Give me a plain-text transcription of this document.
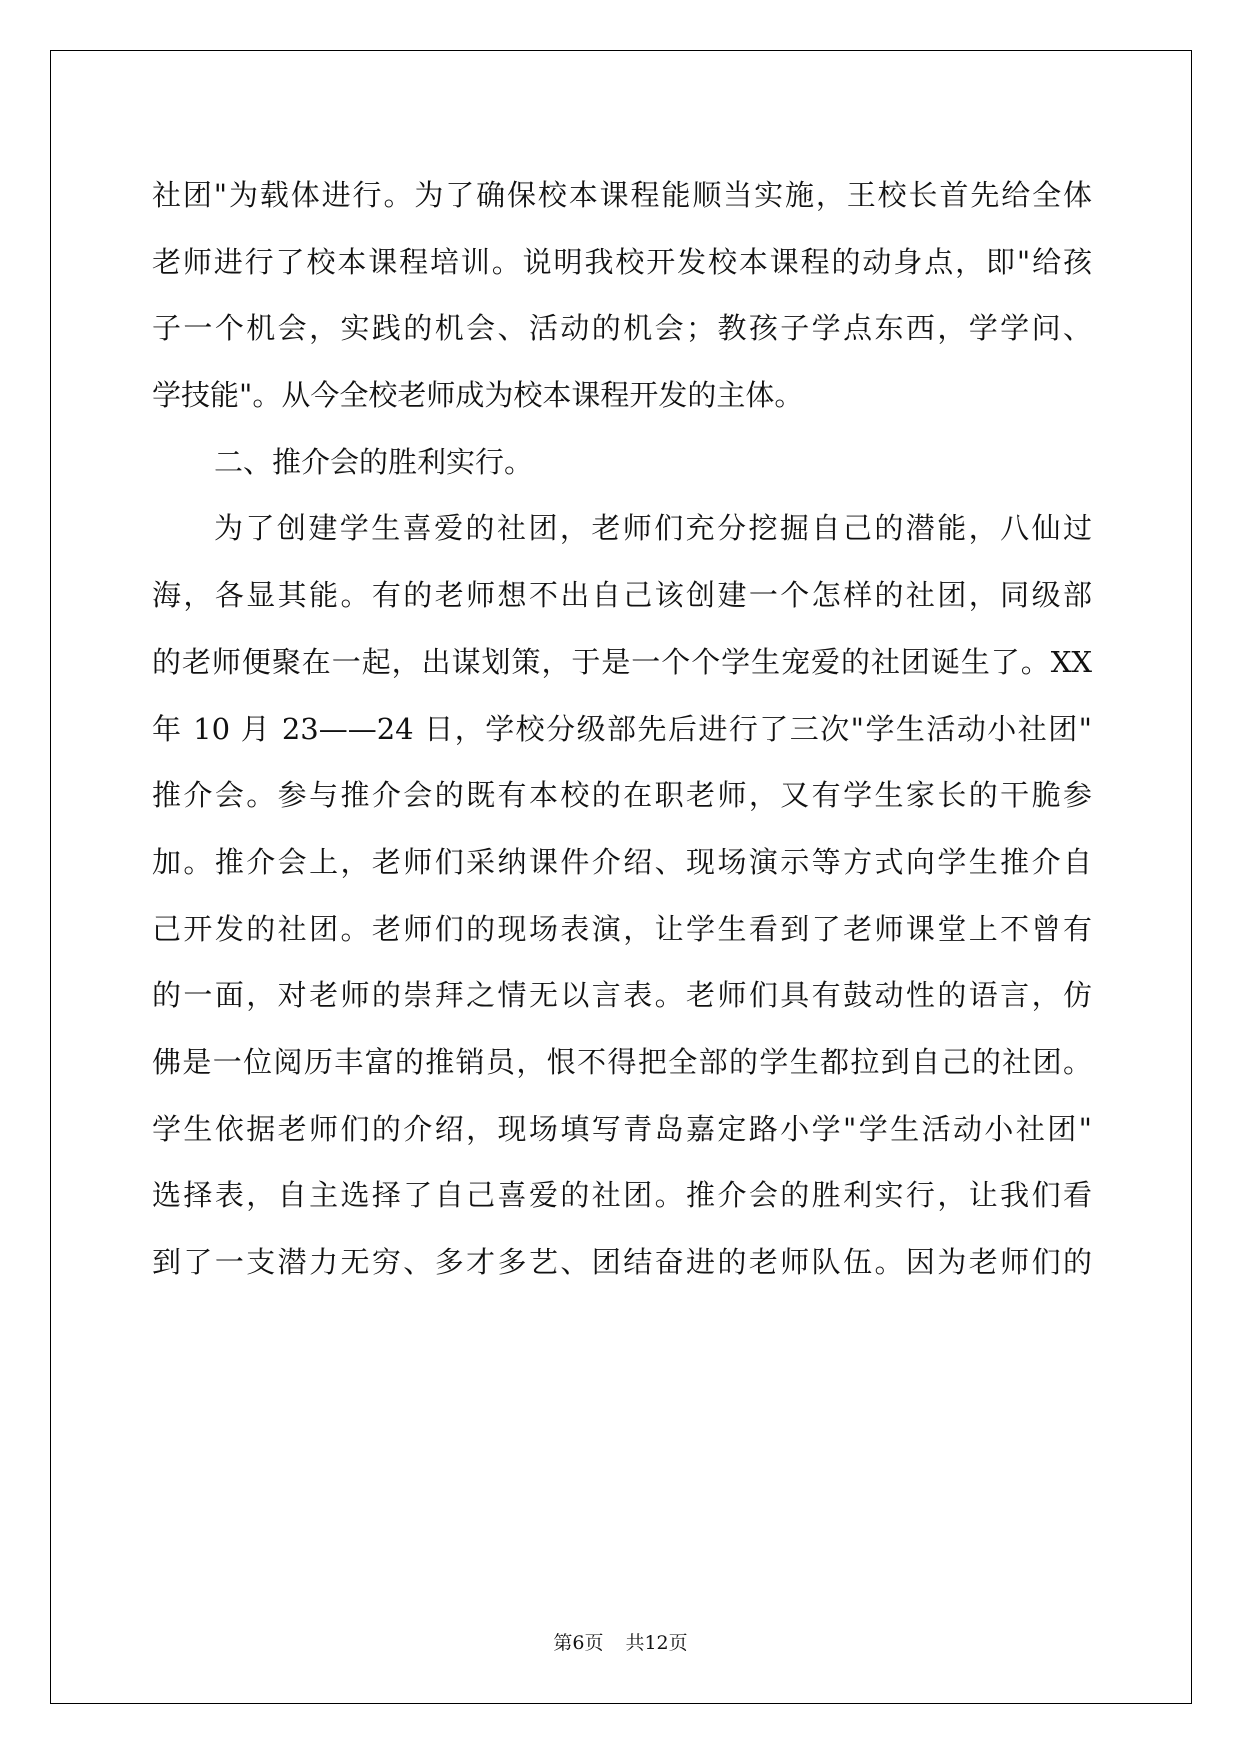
社团"为载体进行。为了确保校本课程能顺当实施，王校长首先给全体
老师进行了校本课程培训。说明我校开发校本课程的动身点，即"给孩
子一个机会，实践的机会、活动的机会；教孩子学点东西，学学问、
学技能"。从今全校老师成为校本课程开发的主体。
二、推介会的胜利实行。
为了创建学生喜爱的社团，老师们充分挖掘自己的潜能，八仙过
海，各显其能。有的老师想不出自己该创建一个怎样的社团，同级部
的老师便聚在一起，出谋划策，于是一个个学生宠爱的社团诞生了。XX
年 10 月 23——24 日，学校分级部先后进行了三次"学生活动小社团"
推介会。参与推介会的既有本校的在职老师，又有学生家长的干脆参
加。推介会上，老师们采纳课件介绍、现场演示等方式向学生推介自
己开发的社团。老师们的现场表演，让学生看到了老师课堂上不曾有
的一面，对老师的崇拜之情无以言表。老师们具有鼓动性的语言，仿
佛是一位阅历丰富的推销员，恨不得把全部的学生都拉到自己的社团。
学生依据老师们的介绍，现场填写青岛嘉定路小学"学生活动小社团"
选择表，自主选择了自己喜爱的社团。推介会的胜利实行，让我们看
到了一支潜力无穷、多才多艺、团结奋进的老师队伍。因为老师们的
第6页 共12页
